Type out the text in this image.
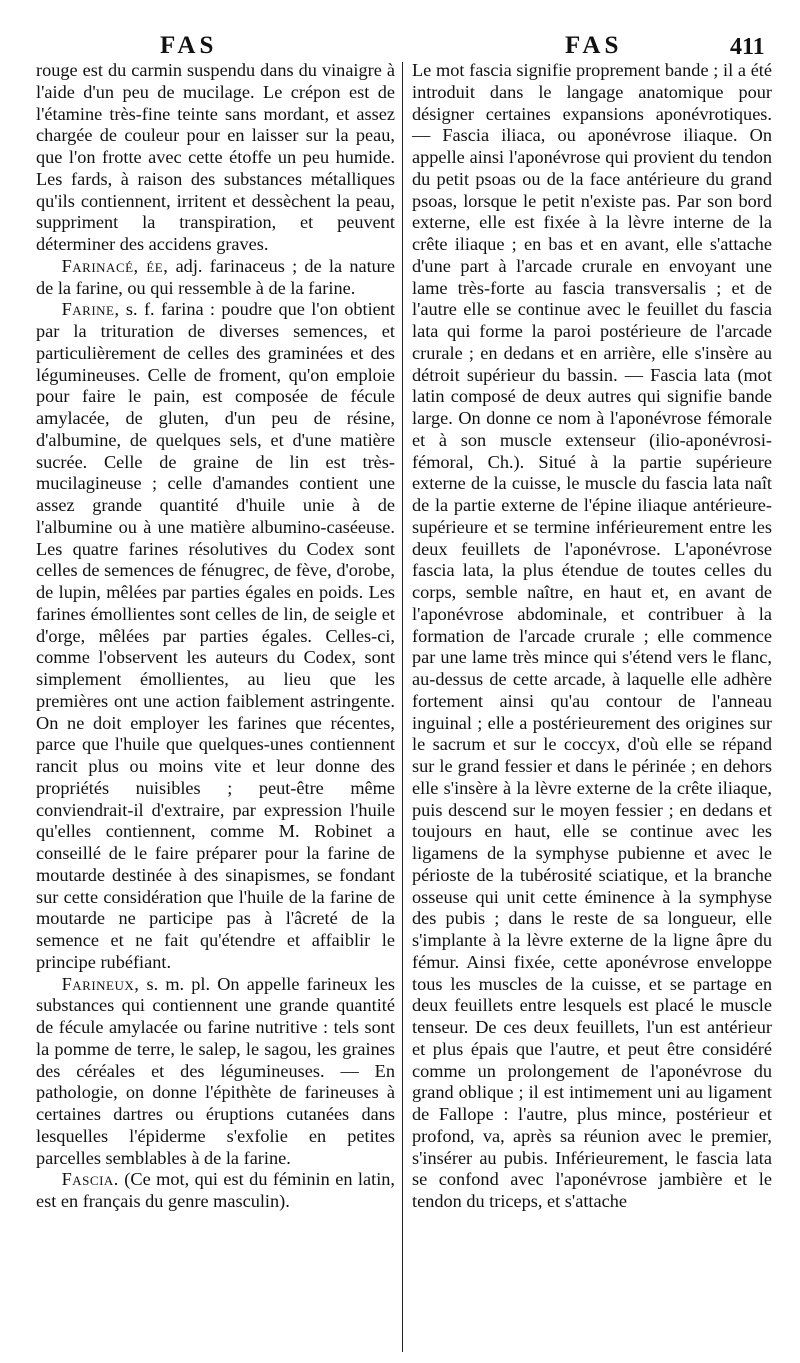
FAS	FAS	411

rouge est du carmin suspendu dans du vinaigre à l'aide d'un peu de mucilage. Le crépon est de l'étamine très-fine teinte sans mordant, et assez chargée de couleur pour en laisser sur la peau, que l'on frotte avec cette étoffe un peu humide. Les fards, à raison des substances métalliques qu'ils contiennent, irritent et dessèchent la peau, suppriment la transpiration, et peuvent déterminer des accidens graves.

Farinacé, ée, adj. farinaceus ; de la nature de la farine, ou qui ressemble à de la farine.

Farine, s. f. farina : poudre que l'on obtient par la trituration de diverses semences, et particulièrement de celles des graminées et des légumineuses. Celle de froment, qu'on emploie pour faire le pain, est composée de fécule amylacée, de gluten, d'un peu de résine, d'albumine, de quelques sels, et d'une matière sucrée. Celle de graine de lin est très-mucilagineuse ; celle d'amandes contient une assez grande quantité d'huile unie à de l'albumine ou à une matière albumino-caséeuse. Les quatre farines résolutives du Codex sont celles de semences de fénugrec, de fève, d'orobe, de lupin, mêlées par parties égales en poids. Les farines émollientes sont celles de lin, de seigle et d'orge, mêlées par parties égales. Celles-ci, comme l'observent les auteurs du Codex, sont simplement émollientes, au lieu que les premières ont une action faiblement astringente. On ne doit employer les farines que récentes, parce que l'huile que quelques-unes contiennent rancit plus ou moins vite et leur donne des propriétés nuisibles ; peut-être même conviendrait-il d'extraire, par expression l'huile qu'elles contiennent, comme M. Robinet a conseillé de le faire préparer pour la farine de moutarde destinée à des sinapismes, se fondant sur cette considération que l'huile de la farine de moutarde ne participe pas à l'âcreté de la semence et ne fait qu'étendre et affaiblir le principe rubéfiant.

Farineux, s. m. pl. On appelle farineux les substances qui contiennent une grande quantité de fécule amylacée ou farine nutritive : tels sont la pomme de terre, le salep, le sagou, les graines des céréales et des légumineuses. — En pathologie, on donne l'épithète de farineuses à certaines dartres ou éruptions cutanées dans lesquelles l'épiderme s'exfolie en petites parcelles semblables à de la farine.

Fascia. (Ce mot, qui est du féminin en latin, est en français du genre masculin).

Le mot fascia signifie proprement bande ; il a été introduit dans le langage anatomique pour désigner certaines expansions aponévrotiques. — Fascia iliaca, ou aponévrose iliaque. On appelle ainsi l'aponévrose qui provient du tendon du petit psoas ou de la face antérieure du grand psoas, lorsque le petit n'existe pas. Par son bord externe, elle est fixée à la lèvre interne de la crête iliaque ; en bas et en avant, elle s'attache d'une part à l'arcade crurale en envoyant une lame très-forte au fascia transversalis ; et de l'autre elle se continue avec le feuillet du fascia lata qui forme la paroi postérieure de l'arcade crurale ; en dedans et en arrière, elle s'insère au détroit supérieur du bassin. — Fascia lata (mot latin composé de deux autres qui signifie bande large. On donne ce nom à l'aponévrose fémorale et à son muscle extenseur (ilio-aponévrosi-fémoral, Ch.). Situé à la partie supérieure externe de la cuisse, le muscle du fascia lata naît de la partie externe de l'épine iliaque antérieure-supérieure et se termine inférieurement entre les deux feuillets de l'aponévrose. L'aponévrose fascia lata, la plus étendue de toutes celles du corps, semble naître, en haut et, en avant de l'aponévrose abdominale, et contribuer à la formation de l'arcade crurale ; elle commence par une lame très mince qui s'étend vers le flanc, au-dessus de cette arcade, à laquelle elle adhère fortement ainsi qu'au contour de l'anneau inguinal ; elle a postérieurement des origines sur le sacrum et sur le coccyx, d'où elle se répand sur le grand fessier et dans le périnée ; en dehors elle s'insère à la lèvre externe de la crête iliaque, puis descend sur le moyen fessier ; en dedans et toujours en haut, elle se continue avec les ligamens de la symphyse pubienne et avec le périoste de la tubérosité sciatique, et la branche osseuse qui unit cette éminence à la symphyse des pubis ; dans le reste de sa longueur, elle s'implante à la lèvre externe de la ligne âpre du fémur. Ainsi fixée, cette aponévrose enveloppe tous les muscles de la cuisse, et se partage en deux feuillets entre lesquels est placé le muscle tenseur. De ces deux feuillets, l'un est antérieur et plus épais que l'autre, et peut être considéré comme un prolongement de l'aponévrose du grand oblique ; il est intimement uni au ligament de Fallope : l'autre, plus mince, postérieur et profond, va, après sa réunion avec le premier, s'insérer au pubis. Inférieurement, le fascia lata se confond avec l'aponévrose jambière et le tendon du triceps, et s'attache
